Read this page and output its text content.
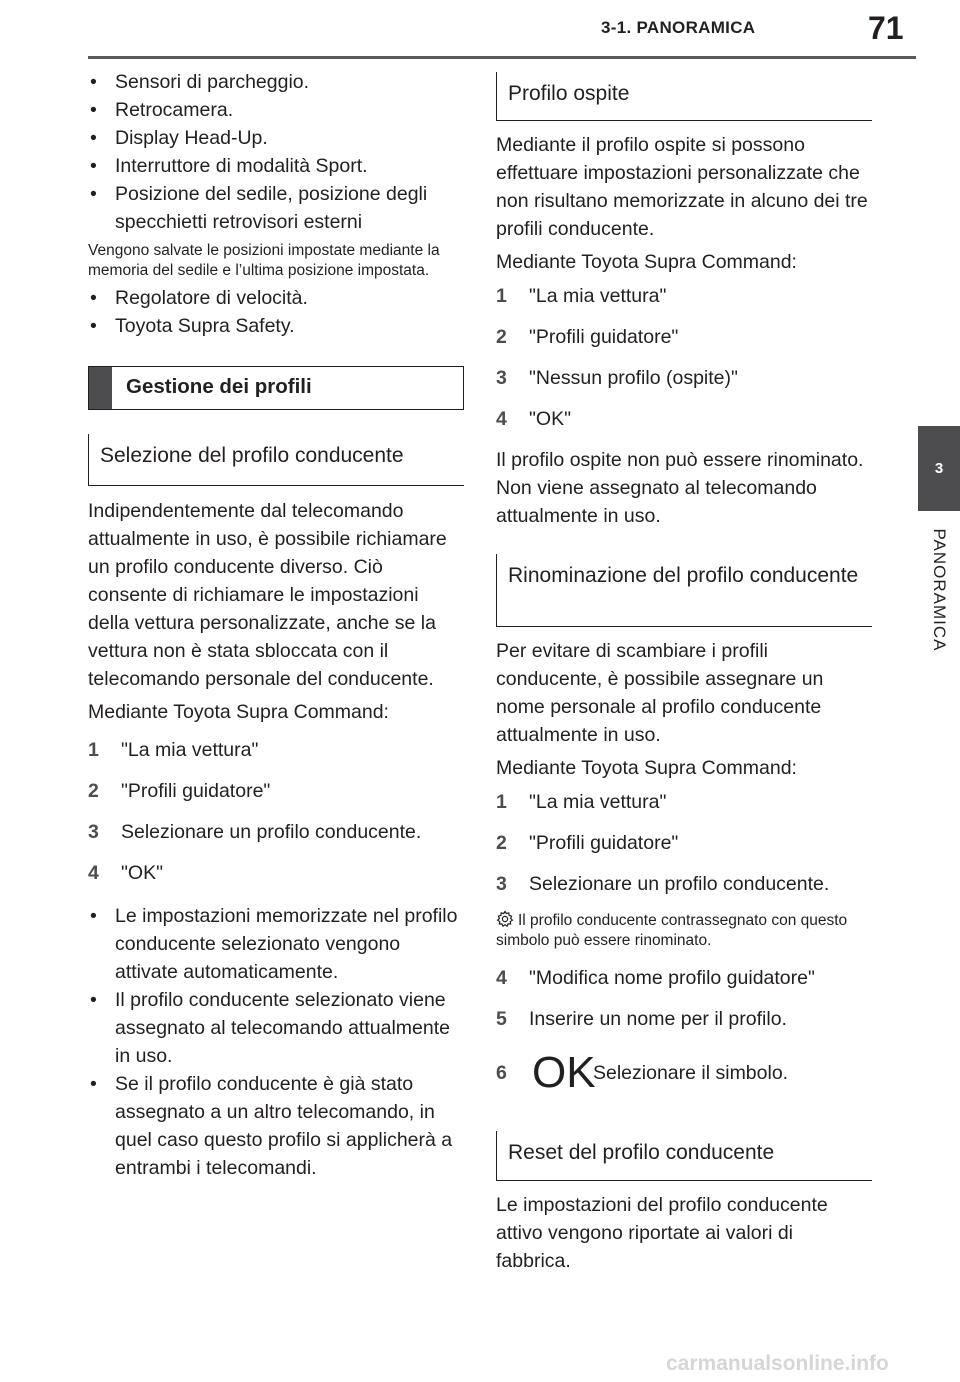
3-1. PANORAMICA	71
3
PANORAMICA
• Sensori di parcheggio.
• Retrocamera.
• Display Head-Up.
• Interruttore di modalità Sport.
• Posizione del sedile, posizione degli specchietti retrovisori esterni
Vengono salvate le posizioni impostate mediante la memoria del sedile e l’ultima posizione impostata.
• Regolatore di velocità.
• Toyota Supra Safety.
Gestione dei profili
Selezione del profilo conducente

Indipendentemente dal telecomando attualmente in uso, è possibile richiamare un profilo conducente diverso. Ciò consente di richiamare le impostazioni della vettura personalizzate, anche se la vettura non è stata sbloccata con il telecomando personale del conducente.

Mediante Toyota Supra Command:

1 "La mia vettura"
2 "Profili guidatore"
3 Selezionare un profilo conducente.
4 "OK"
• Le impostazioni memorizzate nel profilo conducente selezionato vengono attivate automaticamente.
• Il profilo conducente selezionato viene assegnato al telecomando attualmente in uso.
• Se il profilo conducente è già stato assegnato a un altro telecomando, in quel caso questo profilo si applicherà a entrambi i telecomandi.
Profilo ospite

Mediante il profilo ospite si possono effettuare impostazioni personalizzate che non risultano memorizzate in alcuno dei tre profili conducente.

Mediante Toyota Supra Command:

1 "La mia vettura"
2 "Profili guidatore"
3 "Nessun profilo (ospite)"
4 "OK"

Il profilo ospite non può essere rinominato. Non viene assegnato al telecomando attualmente in uso.

Rinominazione del profilo conducente

Per evitare di scambiare i profili conducente, è possibile assegnare un nome personale al profilo conducente attualmente in uso.

Mediante Toyota Supra Command:

1 "La mia vettura"
2 "Profili guidatore"
3 Selezionare un profilo conducente.
Il profilo conducente contrassegnato con questo simbolo può essere rinominato.
4 "Modifica nome profilo guidatore"
5 Inserire un nome per il profilo.
6 OK
Selezionare il simbolo.
Reset del profilo conducente

Le impostazioni del profilo conducente attivo vengono riportate ai valori di fabbrica.

carmanualsonline.info
